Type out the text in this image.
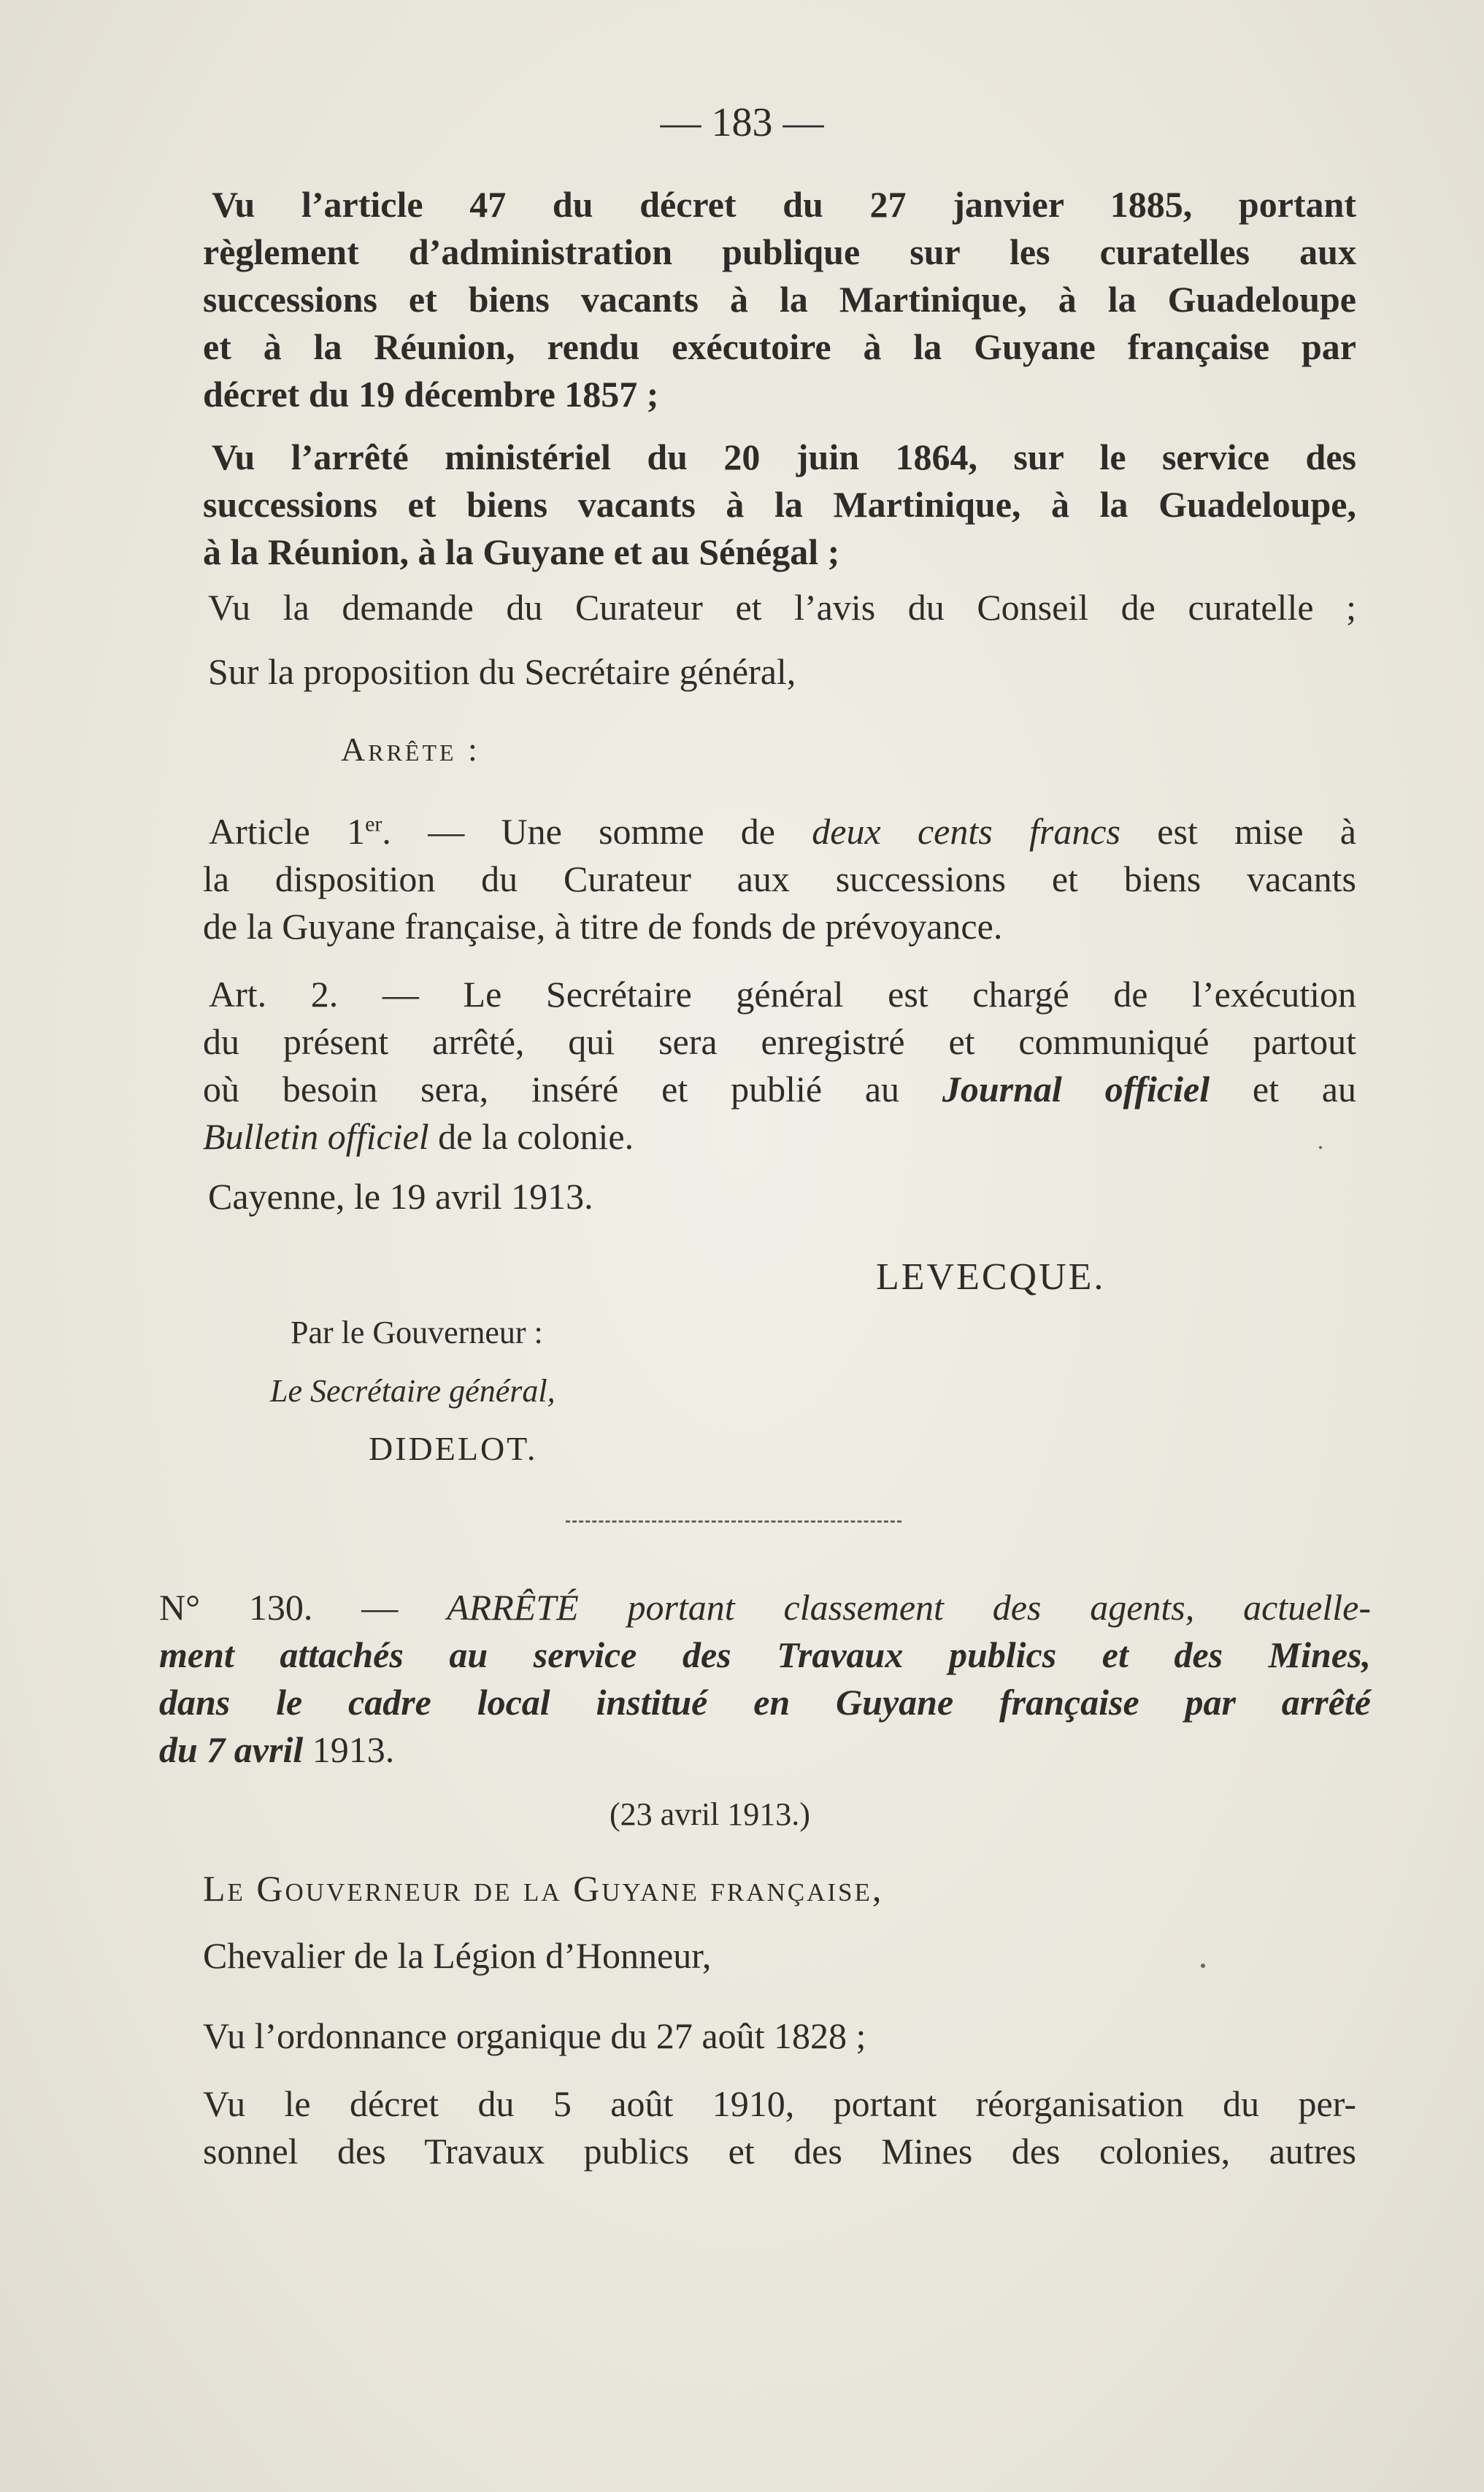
— 183 —
Vu l’article 47 du décret du 27 janvier 1885, portant
règlement d’administration publique sur les curatelles aux
successions et biens vacants à la Martinique, à la Guadeloupe
et à la Réunion, rendu exécutoire à la Guyane française par
décret du 19 décembre 1857 ;
Vu l’arrêté ministériel du 20 juin 1864, sur le service des
successions et biens vacants à la Martinique, à la Guadeloupe,
à la Réunion, à la Guyane et au Sénégal ;
Vu la demande du Curateur et l’avis du Conseil de curatelle ;
Sur la proposition du Secrétaire général,
Arrête :
Article 1er. — Une somme de deux cents francs est mise à
la disposition du Curateur aux successions et biens vacants
de la Guyane française, à titre de fonds de prévoyance.
Art. 2. — Le Secrétaire général est chargé de l’exécution
du présent arrêté, qui sera enregistré et communiqué partout
où besoin sera, inséré et publié au Journal officiel et au
Bulletin officiel de la colonie.
Cayenne, le 19 avril 1913.
LEVECQUE.
Par le Gouverneur :
Le Secrétaire général,
DIDELOT.
N° 130. — ARRÊTÉ portant classement des agents, actuelle-
ment attachés au service des Travaux publics et des Mines,
dans le cadre local institué en Guyane française par arrêté
du 7 avril 1913.
(23 avril 1913.)
Le Gouverneur de la Guyane française,
Chevalier de la Légion d’Honneur,
Vu l’ordonnance organique du 27 août 1828 ;
Vu le décret du 5 août 1910, portant réorganisation du per-
sonnel des Travaux publics et des Mines des colonies, autres
